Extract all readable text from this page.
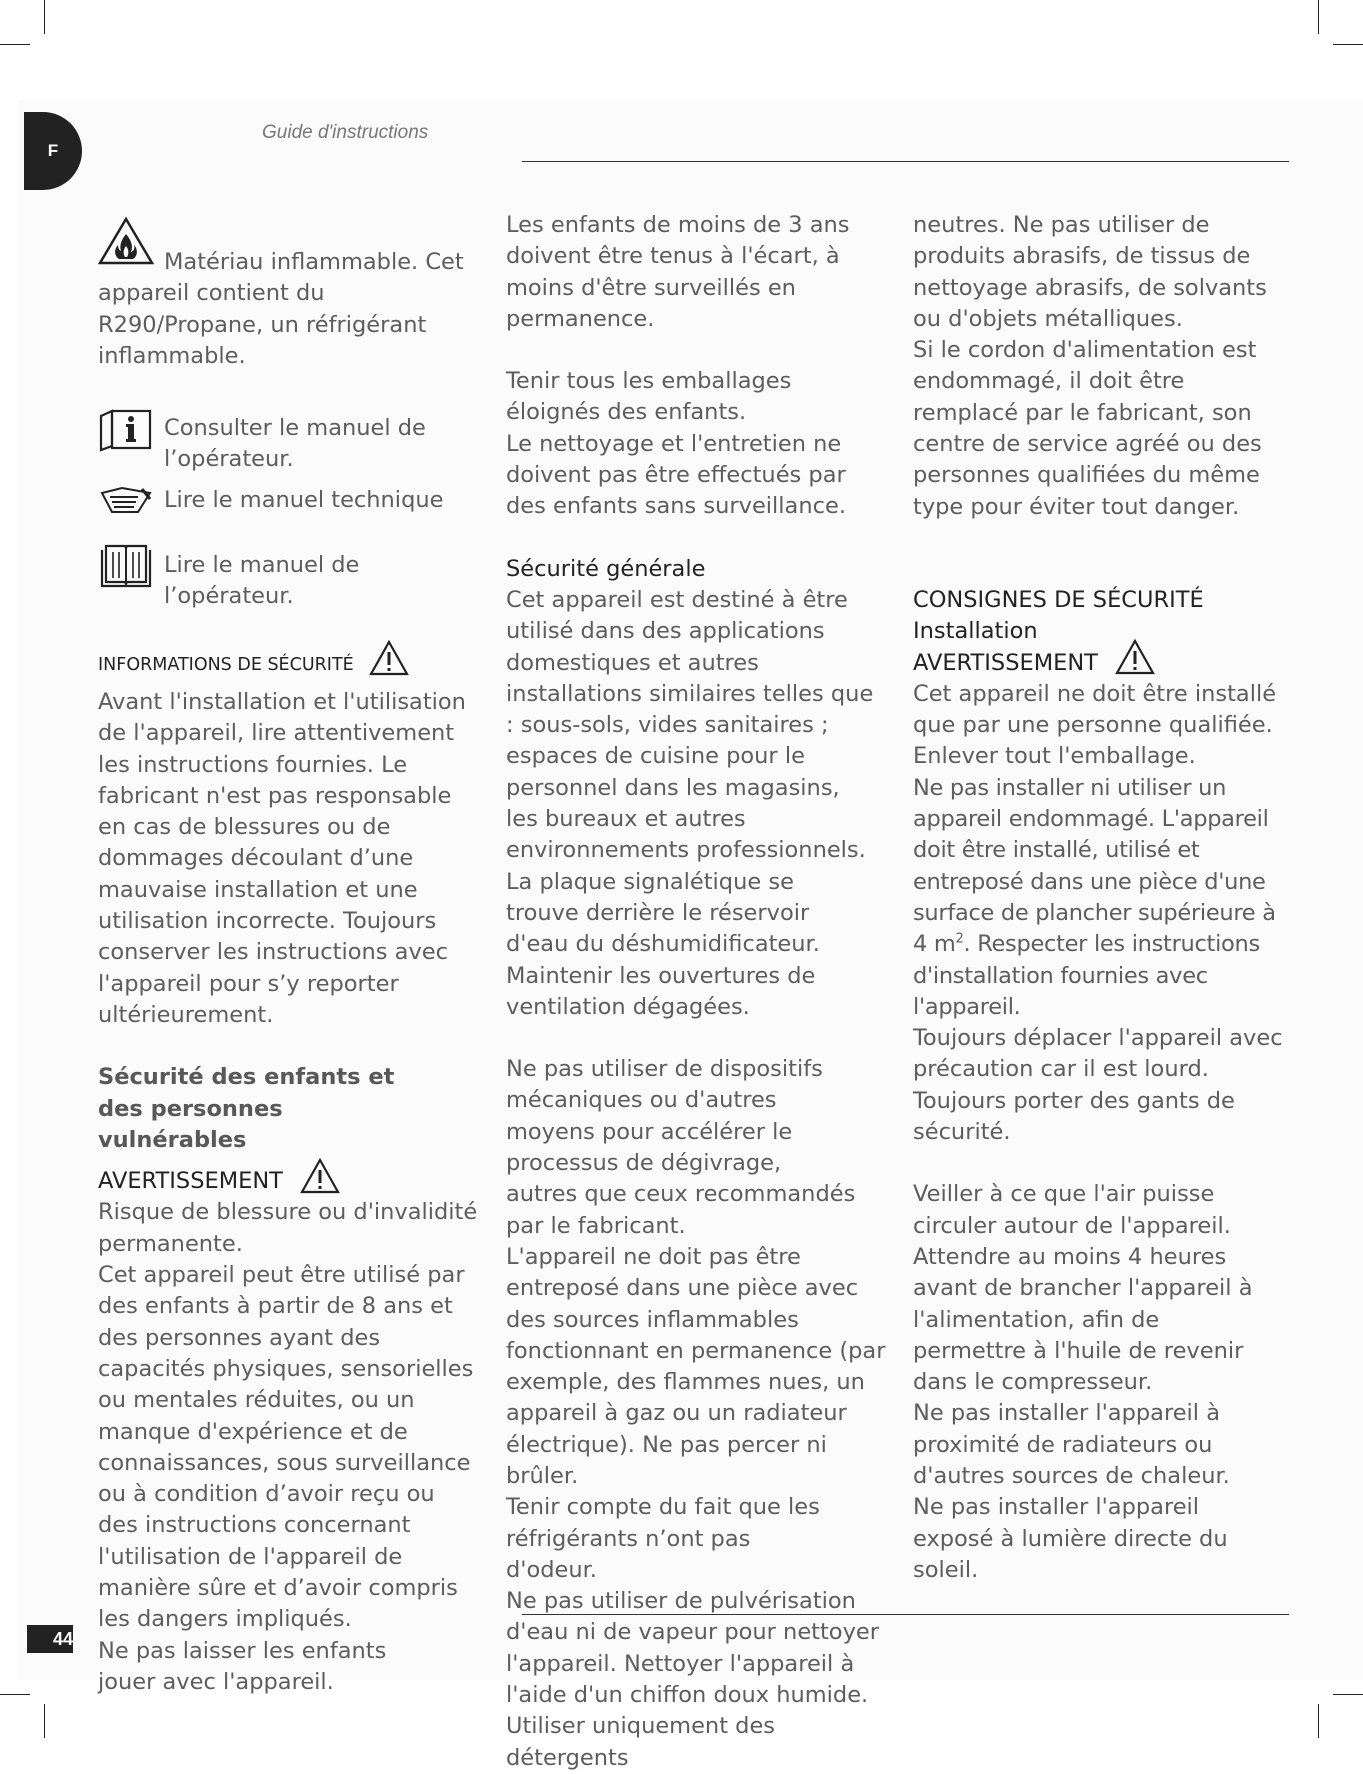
F
Guide d'instructions
44

Matériau inflammable. Cet appareil contient du R290/Propane, un réfrigérant inflammable.

Consulter le manuel de l’opérateur.

Lire le manuel technique

Lire le manuel de l’opérateur.

INFORMATIONS DE SÉCURITÉ

Avant l'installation et l'utilisation de l'appareil, lire attentivement les instructions fournies. Le fabricant n'est pas responsable en cas de blessures ou de dommages découlant d’une mauvaise installation et une utilisation incorrecte. Toujours conserver les instructions avec l'appareil pour s’y reporter ultérieurement.

Sécurité des enfants et des personnes vulnérables

AVERTISSEMENT

Risque de blessure ou d'invalidité permanente.

Cet appareil peut être utilisé par des enfants à partir de 8 ans et des personnes ayant des capacités physiques, sensorielles ou mentales réduites, ou un manque d'expérience et de connaissances, sous surveillance ou à condition d’avoir reçu ou des instructions concernant l'utilisation de l'appareil de manière sûre et d’avoir compris les dangers impliqués.

Ne pas laisser les enfants jouer avec l'appareil.

Les enfants de moins de 3 ans doivent être tenus à l'écart, à moins d'être surveillés en permanence.

Tenir tous les emballages éloignés des enfants.

Le nettoyage et l'entretien ne doivent pas être effectués par des enfants sans surveillance.

Sécurité générale

Cet appareil est destiné à être utilisé dans des applications domestiques et autres installations similaires telles que : sous-sols, vides sanitaires ; espaces de cuisine pour le personnel dans les magasins, les bureaux et autres environnements professionnels.

La plaque signalétique se trouve derrière le réservoir d'eau du déshumidificateur.

Maintenir les ouvertures de ventilation dégagées.

Ne pas utiliser de dispositifs mécaniques ou d'autres moyens pour accélérer le processus de dégivrage, autres que ceux recommandés par le fabricant.

L'appareil ne doit pas être entreposé dans une pièce avec des sources inflammables fonctionnant en permanence (par exemple, des flammes nues, un appareil à gaz ou un radiateur électrique). Ne pas percer ni brûler.

Tenir compte du fait que les réfrigérants n’ont pas d'odeur.

Ne pas utiliser de pulvérisation d'eau ni de vapeur pour nettoyer l'appareil. Nettoyer l'appareil à l'aide d'un chiffon doux humide. Utiliser uniquement des détergents

neutres. Ne pas utiliser de produits abrasifs, de tissus de nettoyage abrasifs, de solvants ou d'objets métalliques.

Si le cordon d'alimentation est endommagé, il doit être remplacé par le fabricant, son centre de service agréé ou des personnes qualifiées du même type pour éviter tout danger.

CONSIGNES DE SÉCURITÉ

Installation

AVERTISSEMENT

Cet appareil ne doit être installé que par une personne qualifiée.

Enlever tout l'emballage.

Ne pas installer ni utiliser un appareil endommagé. L'appareil doit être installé, utilisé et entreposé dans une pièce d'une surface de plancher supérieure à 4 $m^2$. Respecter les instructions d'installation fournies avec l'appareil.

Toujours déplacer l'appareil avec précaution car il est lourd. Toujours porter des gants de sécurité.

Veiller à ce que l'air puisse circuler autour de l'appareil.

Attendre au moins 4 heures avant de brancher l'appareil à l'alimentation, afin de permettre à l'huile de revenir dans le compresseur.

Ne pas installer l'appareil à proximité de radiateurs ou d'autres sources de chaleur.

Ne pas installer l'appareil exposé à lumière directe du soleil.
